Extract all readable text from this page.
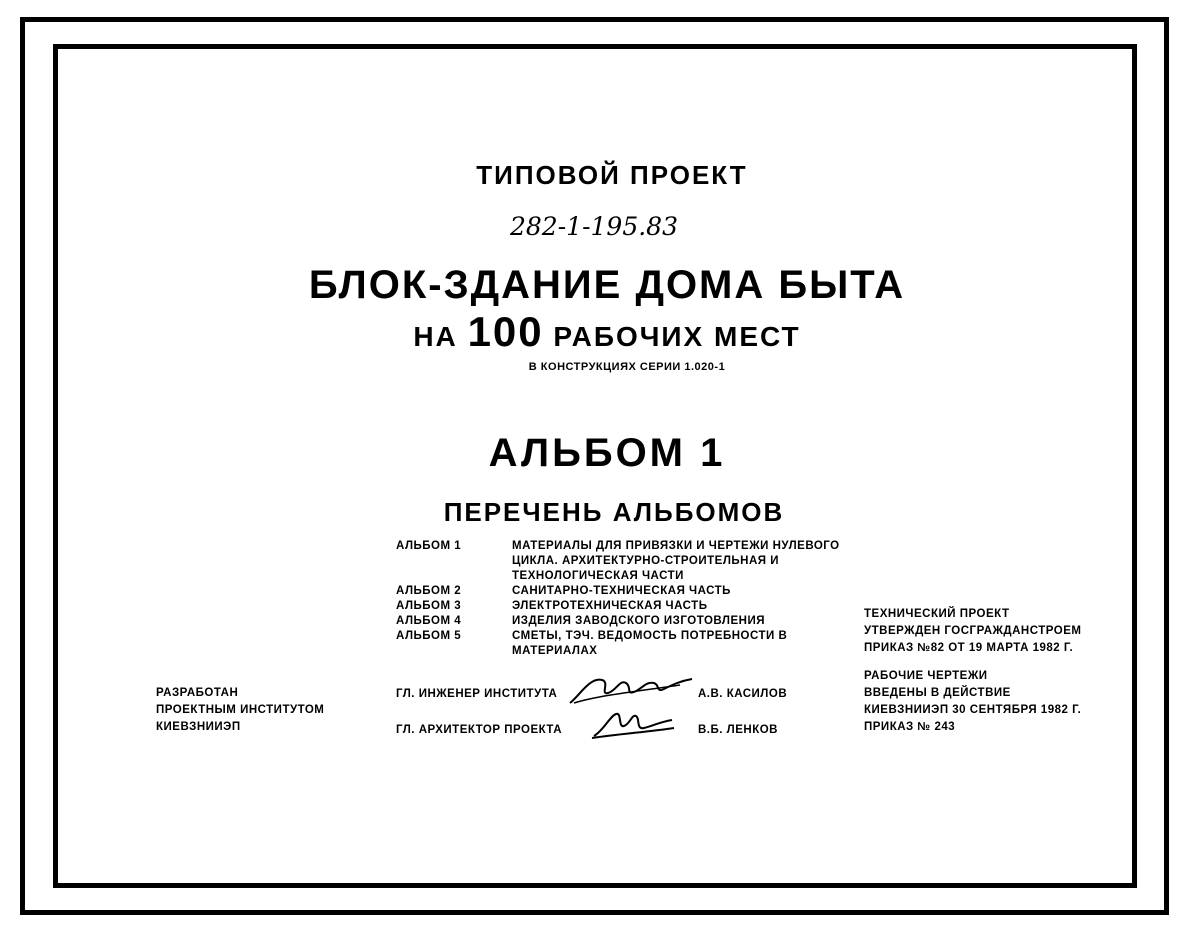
ТИПОВОЙ ПРОЕКТ
282-1-195.83
БЛОК-ЗДАНИЕ ДОМА БЫТА
НА 100 РАБОЧИХ МЕСТ
В КОНСТРУКЦИЯХ СЕРИИ 1.020-1
АЛЬБОМ 1
ПЕРЕЧЕНЬ АЛЬБОМОВ
АЛЬБОМ 1	МАТЕРИАЛЫ ДЛЯ ПРИВЯЗКИ И ЧЕРТЕЖИ НУЛЕВОГО ЦИКЛА. АРХИТЕКТУРНО-СТРОИТЕЛЬНАЯ И ТЕХНОЛОГИЧЕСКАЯ ЧАСТИ
АЛЬБОМ 2	САНИТАРНО-ТЕХНИЧЕСКАЯ ЧАСТЬ
АЛЬБОМ 3	ЭЛЕКТРОТЕХНИЧЕСКАЯ ЧАСТЬ
АЛЬБОМ 4	ИЗДЕЛИЯ ЗАВОДСКОГО ИЗГОТОВЛЕНИЯ
АЛЬБОМ 5	СМЕТЫ, ТЭЧ. ВЕДОМОСТЬ ПОТРЕБНОСТИ В МАТЕРИАЛАХ
ТЕХНИЧЕСКИЙ ПРОЕКТ
УТВЕРЖДЕН ГОСГРАЖДАНСТРОЕМ
ПРИКАЗ №82 ОТ 19 МАРТА 1982 Г.
РАБОЧИЕ ЧЕРТЕЖИ
ВВЕДЕНЫ В ДЕЙСТВИЕ
КИЕВЗНИИЭП 30 СЕНТЯБРЯ 1982 Г.
ПРИКАЗ № 243
РАЗРАБОТАН
ПРОЕКТНЫМ ИНСТИТУТОМ
КИЕВЗНИИЭП
ГЛ. ИНЖЕНЕР ИНСТИТУТА	А.В. КАСИЛОВ
ГЛ. АРХИТЕКТОР ПРОЕКТА	В.Б. ЛЕНКОВ
